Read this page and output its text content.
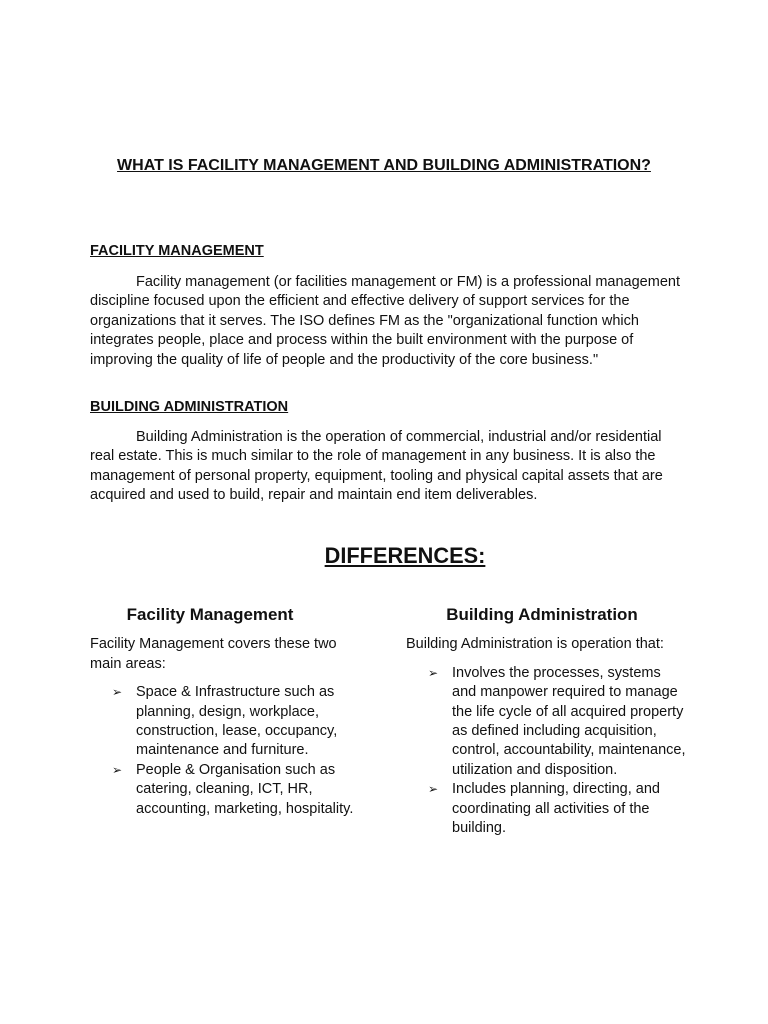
WHAT IS FACILITY MANAGEMENT AND BUILDING ADMINISTRATION?
FACILITY MANAGEMENT

Facility management (or facilities management or FM) is a professional management discipline focused upon the efficient and effective delivery of support services for the organizations that it serves. The ISO defines FM as the "organizational function which integrates people, place and process within the built environment with the purpose of improving the quality of life of people and the productivity of the core business."

BUILDING ADMINISTRATION

Building Administration is the operation of commercial, industrial and/or residential real estate. This is much similar to the role of management in any business. It is also the management of personal property, equipment, tooling and physical capital assets that are acquired and used to build, repair and maintain end item deliverables.

DIFFERENCES:
Facility Management

Facility Management covers these two main areas:

➢ Space & Infrastructure such as planning, design, workplace, construction, lease, occupancy, maintenance and furniture.
➢ People & Organisation such as catering, cleaning, ICT, HR, accounting, marketing, hospitality.
Building Administration

Building Administration is operation that:

➢ Involves the processes, systems and manpower required to manage the life cycle of all acquired property as defined including acquisition, control, accountability, maintenance, utilization and disposition.
➢ Includes planning, directing, and coordinating all activities of the building.
